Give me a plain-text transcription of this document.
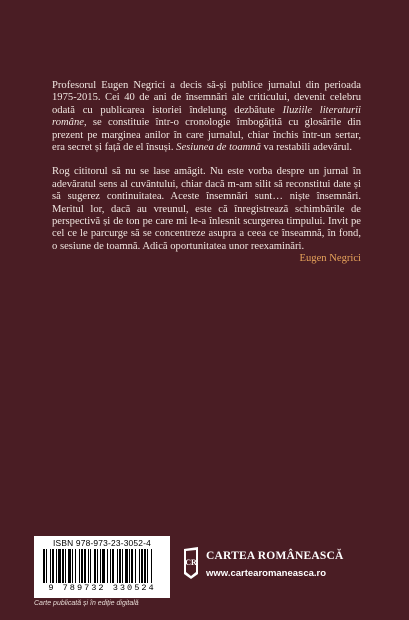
Profesorul Eugen Negrici a decis să-și publice jurnalul din perioada 1975-2015. Cei 40 de ani de însemnări ale criticului, devenit celebru odată cu publicarea istoriei îndelung dezbătute Iluziile literaturii române, se constituie într-o cronologie îmbogățită cu glosările din prezent pe marginea anilor în care jurnalul, chiar închis într-un sertar, era secret și față de el însuși. Sesiunea de toamnă va restabili adevărul.

Rog cititorul să nu se lase amăgit. Nu este vorba despre un jurnal în adevăratul sens al cuvântului, chiar dacă m-am silit să reconstitui date și să sugerez continuitatea. Aceste însemnări sunt… niște însemnări. Meritul lor, dacă au vreunul, este că înregistrează schimbările de perspectivă și de ton pe care mi le-a înlesnit scurgerea timpului. Invit pe cel ce le parcurge să se concentreze asupra a ceea ce înseamnă, în fond, o sesiune de toamnă. Adică oportunitatea unor reexaminări.

Eugen Negrici

ISBN 978-973-23-3052-4
9 789732 330524
Carte publicată și în ediție digitală
CR
CARTEA ROMÂNEASCĂ
www.cartearomaneasca.ro
